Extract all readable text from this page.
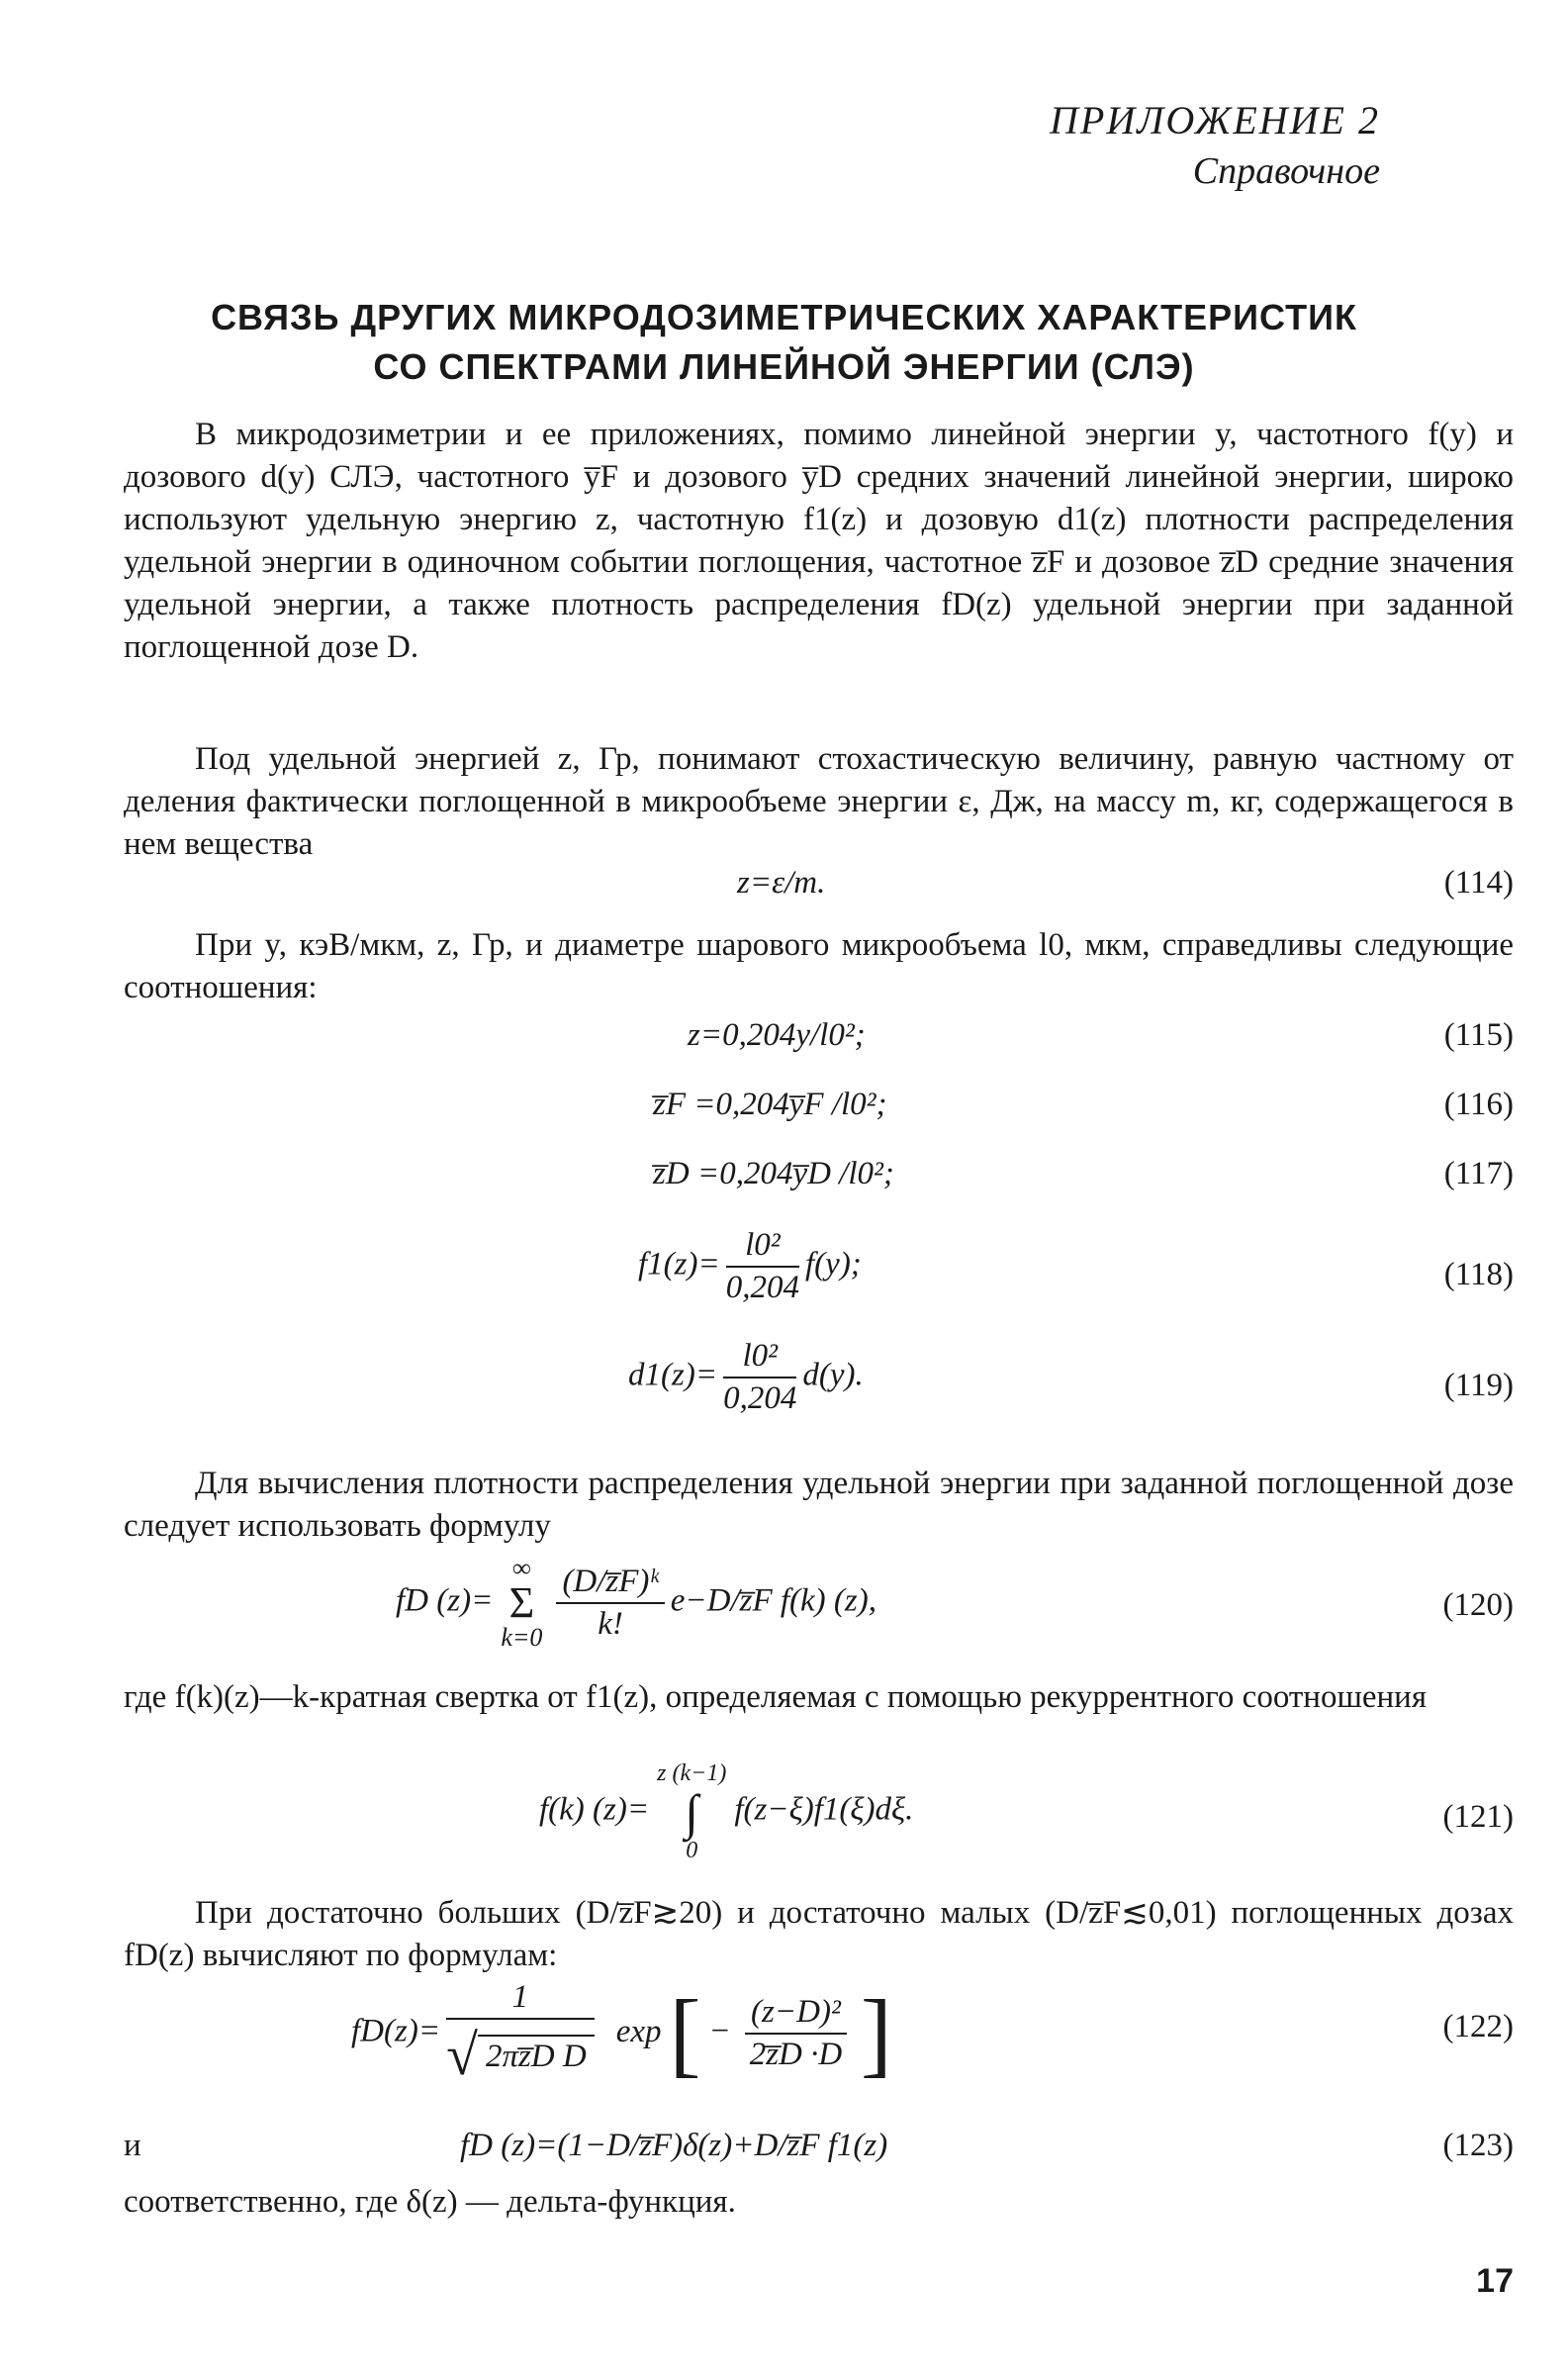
ПРИЛОЖЕНИЕ 2
Справочное
СВЯЗЬ ДРУГИХ МИКРОДОЗИМЕТРИЧЕСКИХ ХАРАКТЕРИСТИК
СО СПЕКТРАМИ ЛИНЕЙНОЙ ЭНЕРГИИ (СЛЭ)
В микродозиметрии и ее приложениях, помимо линейной энергии y, частотного f(y) и дозового d(y) СЛЭ, частотного y̅F и дозового y̅D средних значений линейной энергии, широко используют удельную энергию z, частотную f1(z) и дозовую d1(z) плотности распределения удельной энергии в одиночном событии поглощения, частотное z̅F и дозовое z̅D средние значения удельной энергии, а также плотность распределения fD(z) удельной энергии при заданной поглощенной дозе D.
Под удельной энергией z, Гр, понимают стохастическую величину, равную частному от деления фактически поглощенной в микрообъеме энергии ε, Дж, на массу m, кг, содержащегося в нем вещества
z=ε/m.	(114)
При y, кэВ/мкм, z, Гр, и диаметре шарового микрообъема l0, мкм, справедливы следующие соотношения:
z=0,204y/l0²;	(115)
z̅F =0,204y̅F /l0²;	(116)
z̅D =0,204y̅D /l0²;	(117)
$f1(z)= \frac{\text{l0²}}{0,204} f(y)$;	(118)
$d1(z)= \frac{\text{l0²}}{0,204} d(y)$.	(119)
Для вычисления плотности распределения удельной энергии при заданной поглощенной дозе следует использовать формулу
fD (z)=
∞
Σ
$k=0 \frac{\text{(D/z̅F)ᵏ}}{k!}$ e−D/z̅F f(k) (z),	(120)
где f(k)(z)—k-кратная свертка от f1(z), определяемая с помощью рекуррентного соотношения
f(k) (z)=
z (k−1)
∫
0
f(z−ξ)f1(ξ)dξ.	(121)
При достаточно больших (D/z̅F≳20) и достаточно малых (D/z̅F≲0,01) поглощенных дозах fD(z) вычисляют по формулам:
$fD(z)= \frac{1}{\text{√ 2πz̅D D}} \exp[ - \frac{\text{(z−D)²}}{2z̅D \cdot D}$ ]	(122)
и	fD (z)=(1−D/z̅F)δ(z)+D/z̅F f1(z)	(123)
соответственно, где δ(z) — дельта-функция.
17
